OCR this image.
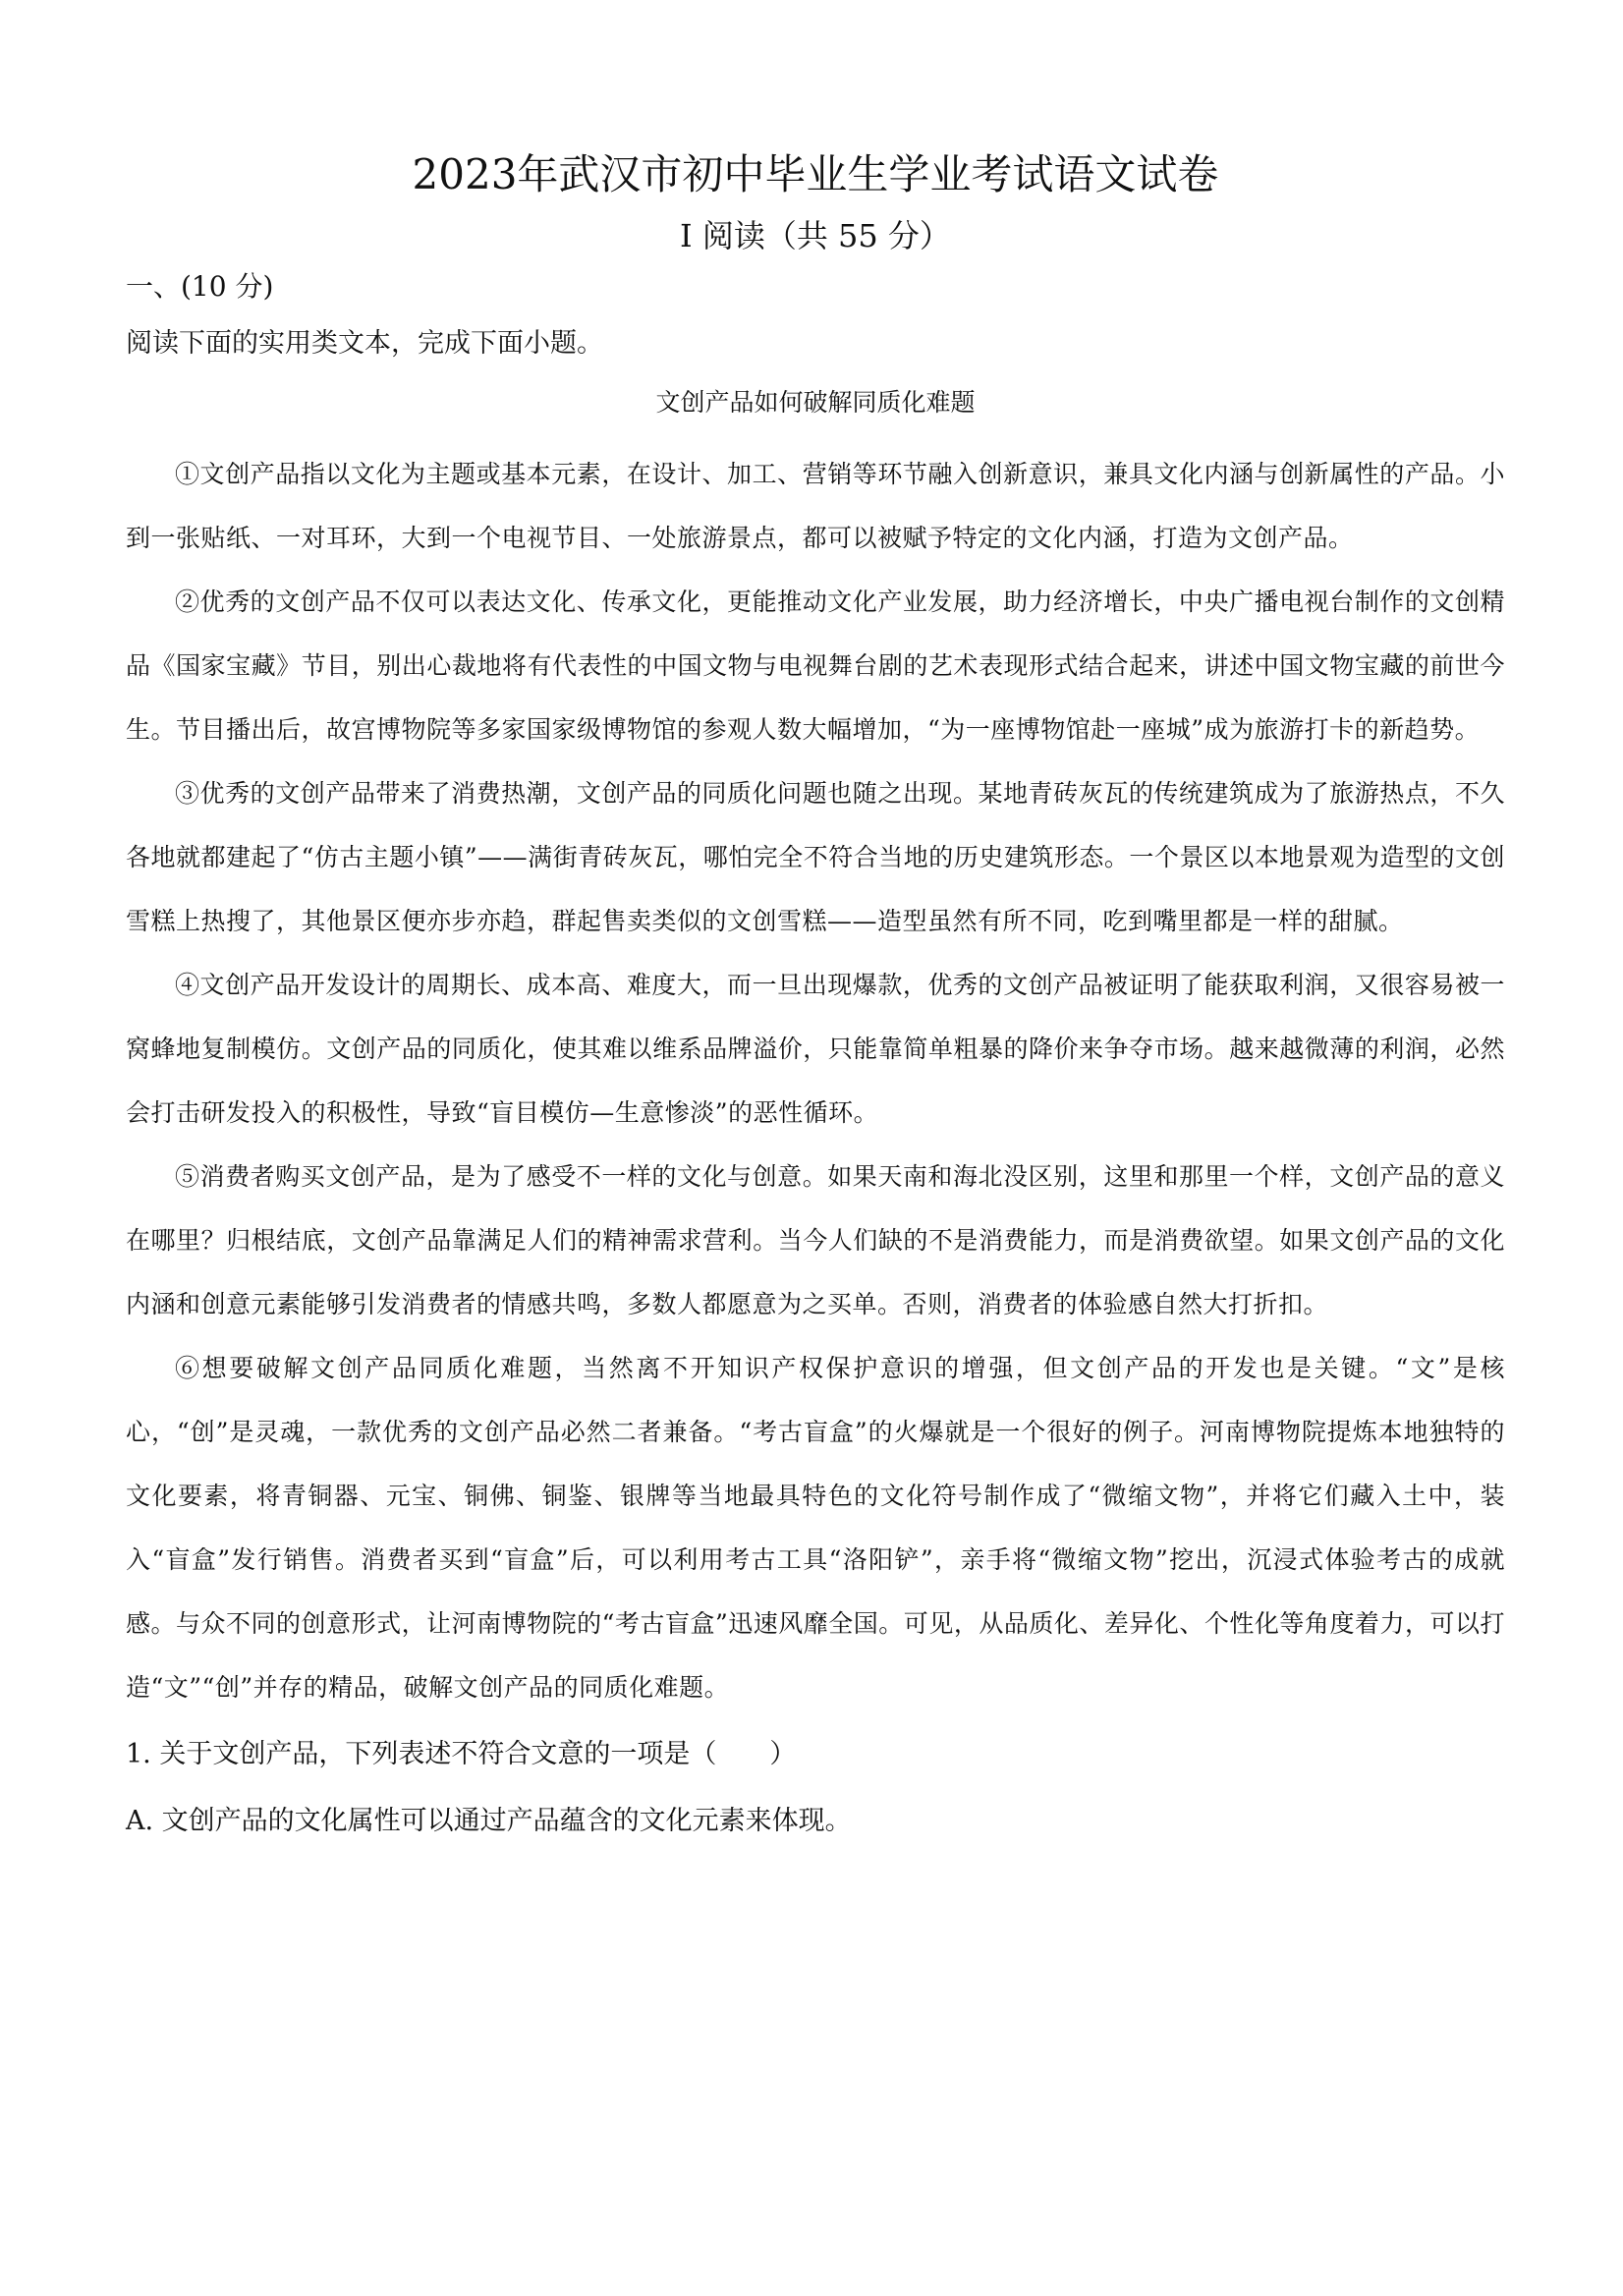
2023年武汉市初中毕业生学业考试语文试卷
I 阅读（共 55 分）
一、(10 分)
阅读下面的实用类文本，完成下面小题。
文创产品如何破解同质化难题

①文创产品指以文化为主题或基本元素，在设计、加工、营销等环节融入创新意识，兼具文化内涵与创新属性的产品。小到一张贴纸、一对耳环，大到一个电视节目、一处旅游景点，都可以被赋予特定的文化内涵，打造为文创产品。

②优秀的文创产品不仅可以表达文化、传承文化，更能推动文化产业发展，助力经济增长，中央广播电视台制作的文创精品《国家宝藏》节目，别出心裁地将有代表性的中国文物与电视舞台剧的艺术表现形式结合起来，讲述中国文物宝藏的前世今生。节目播出后，故宫博物院等多家国家级博物馆的参观人数大幅增加，“为一座博物馆赴一座城”成为旅游打卡的新趋势。

③优秀的文创产品带来了消费热潮，文创产品的同质化问题也随之出现。某地青砖灰瓦的传统建筑成为了旅游热点，不久各地就都建起了“仿古主题小镇”——满街青砖灰瓦，哪怕完全不符合当地的历史建筑形态。一个景区以本地景观为造型的文创雪糕上热搜了，其他景区便亦步亦趋，群起售卖类似的文创雪糕——造型虽然有所不同，吃到嘴里都是一样的甜腻。

④文创产品开发设计的周期长、成本高、难度大，而一旦出现爆款，优秀的文创产品被证明了能获取利润，又很容易被一窝蜂地复制模仿。文创产品的同质化，使其难以维系品牌溢价，只能靠简单粗暴的降价来争夺市场。越来越微薄的利润，必然会打击研发投入的积极性，导致“盲目模仿—生意惨淡”的恶性循环。

⑤消费者购买文创产品，是为了感受不一样的文化与创意。如果天南和海北没区别，这里和那里一个样，文创产品的意义在哪里？归根结底，文创产品靠满足人们的精神需求营利。当今人们缺的不是消费能力，而是消费欲望。如果文创产品的文化内涵和创意元素能够引发消费者的情感共鸣，多数人都愿意为之买单。否则，消费者的体验感自然大打折扣。

⑥想要破解文创产品同质化难题，当然离不开知识产权保护意识的增强，但文创产品的开发也是关键。“文”是核心，“创”是灵魂，一款优秀的文创产品必然二者兼备。“考古盲盒”的火爆就是一个很好的例子。河南博物院提炼本地独特的文化要素，将青铜器、元宝、铜佛、铜鉴、银牌等当地最具特色的文化符号制作成了“微缩文物”，并将它们藏入土中，装入“盲盒”发行销售。消费者买到“盲盒”后，可以利用考古工具“洛阳铲”，亲手将“微缩文物”挖出，沉浸式体验考古的成就感。与众不同的创意形式，让河南博物院的“考古盲盒”迅速风靡全国。可见，从品质化、差异化、个性化等角度着力，可以打造“文”“创”并存的精品，破解文创产品的同质化难题。

1. 关于文创产品，下列表述不符合文意的一项是（　　）
A. 文创产品的文化属性可以通过产品蕴含的文化元素来体现。
